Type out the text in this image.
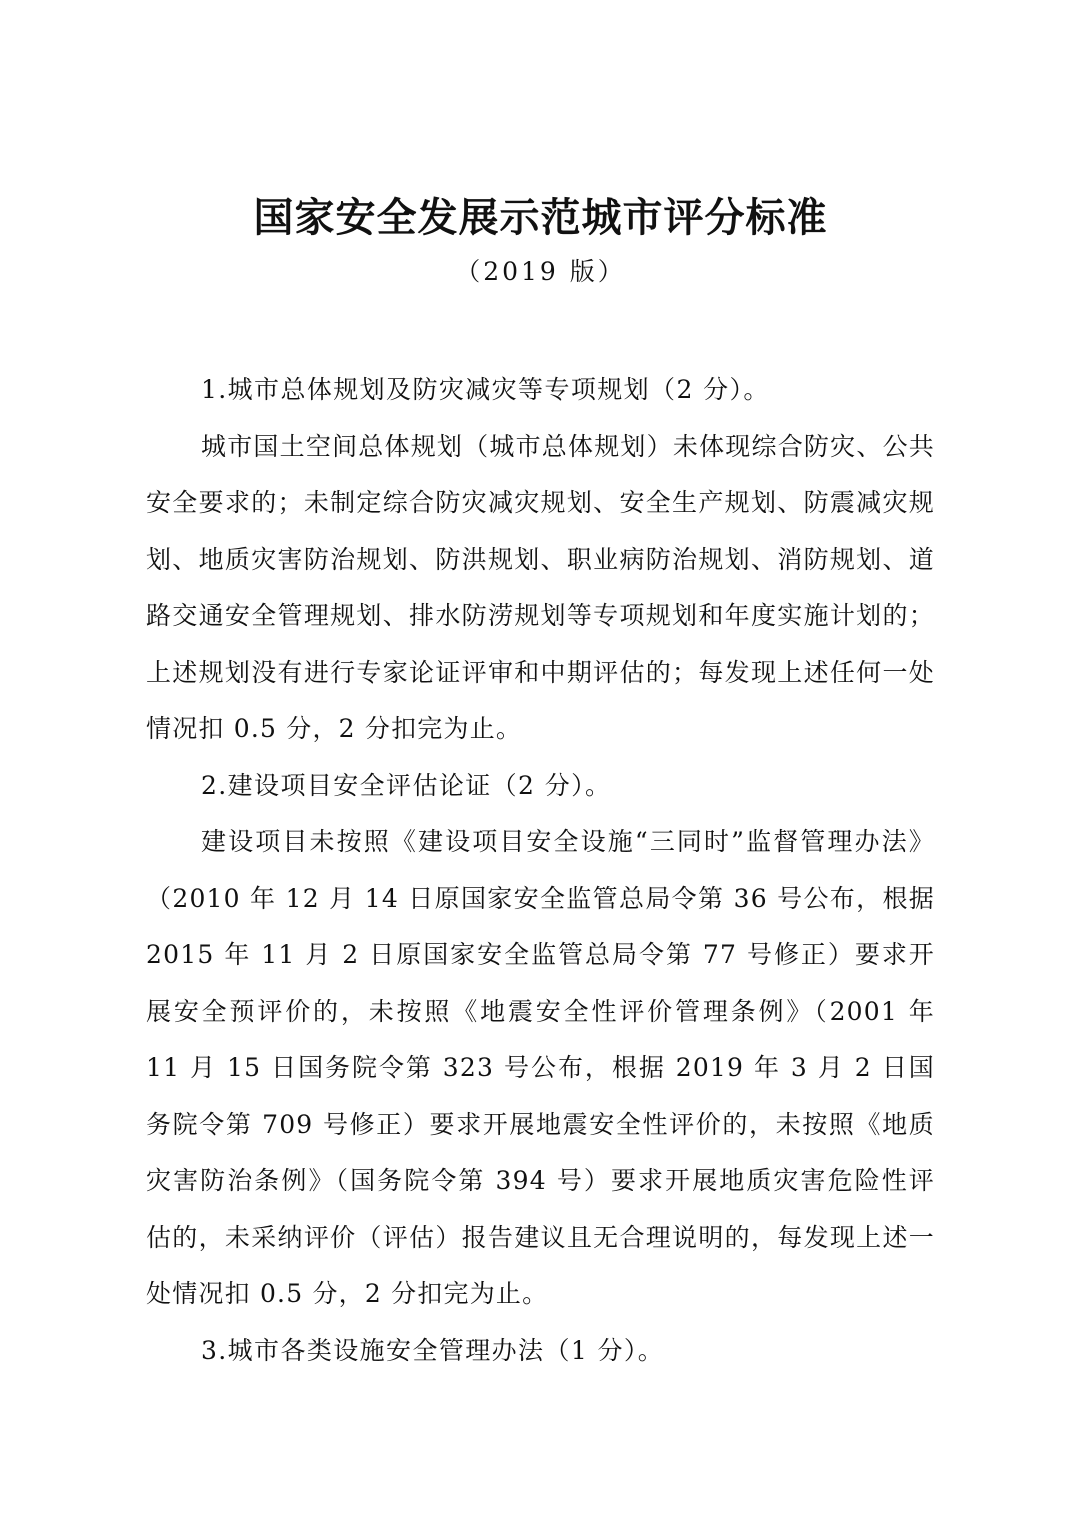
国家安全发展示范城市评分标准
（2019 版）

1.城市总体规划及防灾减灾等专项规划（2 分）。

城市国土空间总体规划（城市总体规划）未体现综合防灾、公共安全要求的；未制定综合防灾减灾规划、安全生产规划、防震减灾规划、地质灾害防治规划、防洪规划、职业病防治规划、消防规划、道路交通安全管理规划、排水防涝规划等专项规划和年度实施计划的；上述规划没有进行专家论证评审和中期评估的；每发现上述任何一处情况扣 0.5 分，2 分扣完为止。

2.建设项目安全评估论证（2 分）。

建设项目未按照《建设项目安全设施“三同时”监督管理办法》（2010 年 12 月 14 日原国家安全监管总局令第 36 号公布，根据 2015 年 11 月 2 日原国家安全监管总局令第 77 号修正）要求开展安全预评价的，未按照《地震安全性评价管理条例》（2001 年 11 月 15 日国务院令第 323 号公布，根据 2019 年 3 月 2 日国务院令第 709 号修正）要求开展地震安全性评价的，未按照《地质灾害防治条例》（国务院令第 394 号）要求开展地质灾害危险性评估的，未采纳评价（评估）报告建议且无合理说明的，每发现上述一处情况扣 0.5 分，2 分扣完为止。

3.城市各类设施安全管理办法（1 分）。
